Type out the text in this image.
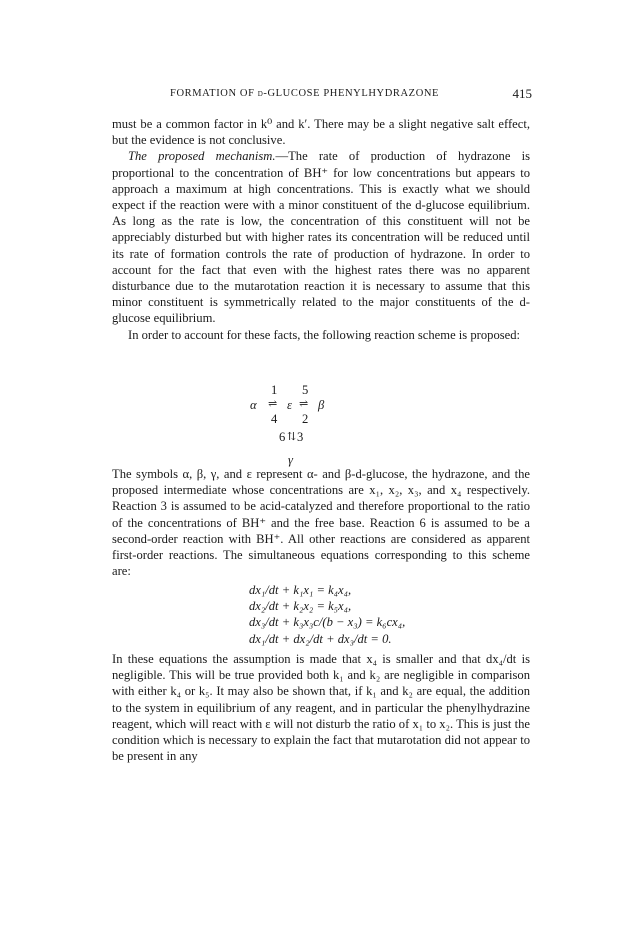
FORMATION OF d-GLUCOSE PHENYLHYDRAZONE	415

must be a common factor in k⁰ and k′. There may be a slight negative salt effect, but the evidence is not conclusive.

The proposed mechanism.—The rate of production of hydrazone is proportional to the concentration of BH⁺ for low concentrations but appears to approach a maximum at high concentrations. This is exactly what we should expect if the reaction were with a minor constituent of the d-glucose equilibrium. As long as the rate is low, the concentration of this constituent will not be appreciably disturbed but with higher rates its concentration will be reduced until its rate of formation controls the rate of production of hydrazone. In order to account for the fact that even with the highest rates there was no apparent disturbance due to the mutarotation reaction it is necessary to assume that this minor constituent is symmetrically related to the major constituents of the d-glucose equilibrium.

In order to account for these facts, the following reaction scheme is proposed:

α
1
⇌
4
ε
5
⇌
2
β
6 ⇅ 3
γ

The symbols α, β, γ, and ε represent α- and β-d-glucose, the hydrazone, and the proposed intermediate whose concentrations are x₁, x₂, x₃, and x₄ respectively. Reaction 3 is assumed to be acid-catalyzed and therefore proportional to the ratio of the concentrations of BH⁺ and the free base. Reaction 6 is assumed to be a second-order reaction with BH⁺. All other reactions are considered as apparent first-order reactions. The simultaneous equations corresponding to this scheme are:

dx₁/dt + k₁x₁ = k₄x₄,
dx₂/dt + k₂x₂ = k₅x₄,
dx₃/dt + k₃x₃c/(b − x₃) = k₆cx₄,
dx₁/dt + dx₂/dt + dx₃/dt = 0.

In these equations the assumption is made that x₄ is smaller and that dx₄/dt is negligible. This will be true provided both k₁ and k₂ are negligible in comparison with either k₄ or k₅. It may also be shown that, if k₁ and k₂ are equal, the addition to the system in equilibrium of any reagent, and in particular the phenylhydrazine reagent, which will react with ε will not disturb the ratio of x₁ to x₂. This is just the condition which is necessary to explain the fact that mutarotation did not appear to be present in any
